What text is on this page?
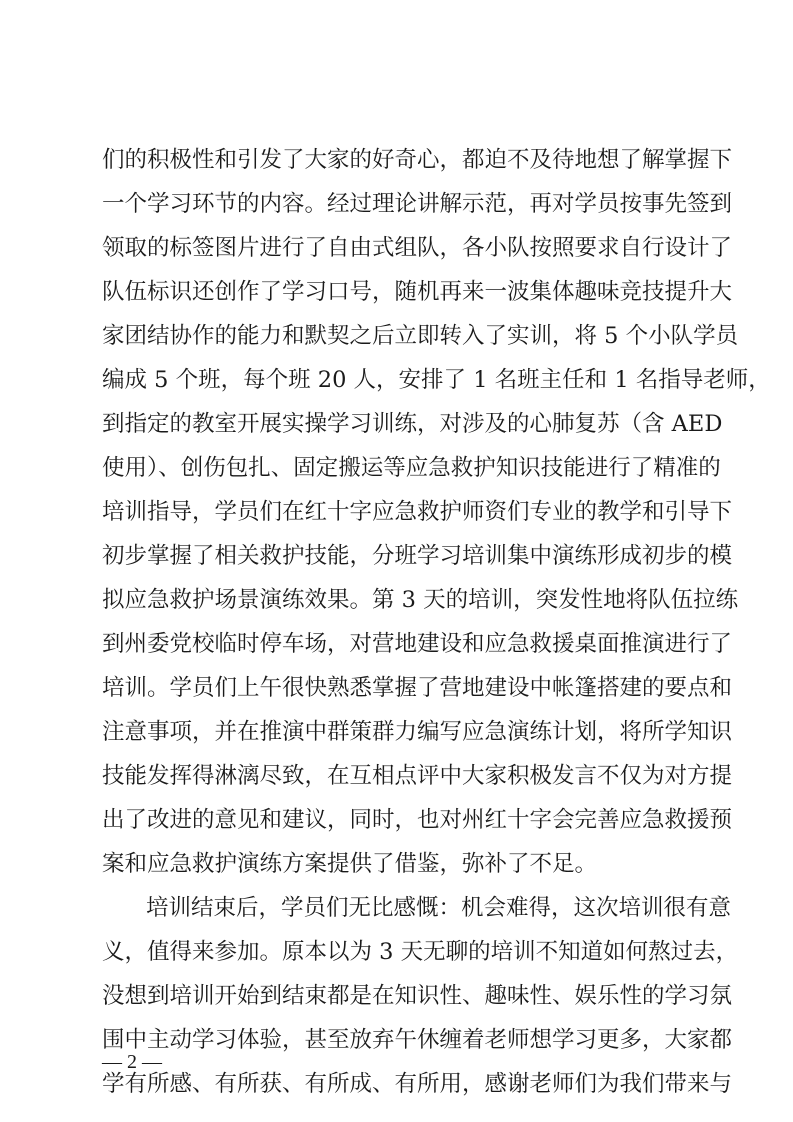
们的积极性和引发了大家的好奇心，都迫不及待地想了解掌握下
一个学习环节的内容。经过理论讲解示范，再对学员按事先签到
领取的标签图片进行了自由式组队，各小队按照要求自行设计了
队伍标识还创作了学习口号，随机再来一波集体趣味竞技提升大
家团结协作的能力和默契之后立即转入了实训，将 5 个小队学员
编成 5 个班，每个班 20 人，安排了 1 名班主任和 1 名指导老师，
到指定的教室开展实操学习训练，对涉及的心肺复苏（含 AED
使用）、创伤包扎、固定搬运等应急救护知识技能进行了精准的
培训指导，学员们在红十字应急救护师资们专业的教学和引导下
初步掌握了相关救护技能，分班学习培训集中演练形成初步的模
拟应急救护场景演练效果。第 3 天的培训，突发性地将队伍拉练
到州委党校临时停车场，对营地建设和应急救援桌面推演进行了
培训。学员们上午很快熟悉掌握了营地建设中帐篷搭建的要点和
注意事项，并在推演中群策群力编写应急演练计划，将所学知识
技能发挥得淋漓尽致，在互相点评中大家积极发言不仅为对方提
出了改进的意见和建议，同时，也对州红十字会完善应急救援预
案和应急救护演练方案提供了借鉴，弥补了不足。
培训结束后，学员们无比感慨：机会难得，这次培训很有意
义，值得来参加。原本以为 3 天无聊的培训不知道如何熬过去，
没想到培训开始到结束都是在知识性、趣味性、娱乐性的学习氛
围中主动学习体验，甚至放弃午休缠着老师想学习更多，大家都
学有所感、有所获、有所成、有所用，感谢老师们为我们带来与
— 2 —
